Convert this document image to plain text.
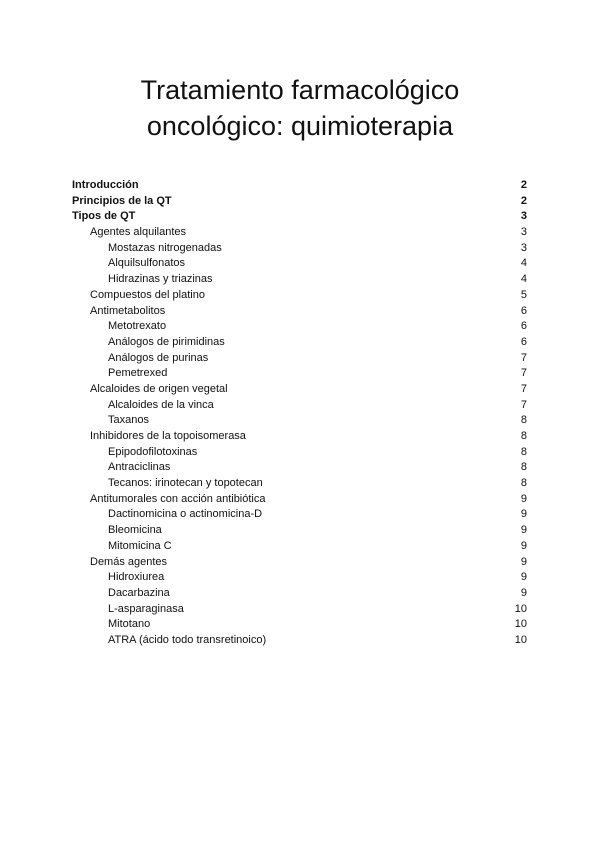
Tratamiento farmacológico
oncológico: quimioterapia
Introducción	2
Principios de la QT	2
Tipos de QT	3
Agentes alquilantes	3
Mostazas nitrogenadas	3
Alquilsulfonatos	4
Hidrazinas y triazinas	4
Compuestos del platino	5
Antimetabolitos	6
Metotrexato	6
Análogos de pirimidinas	6
Análogos de purinas	7
Pemetrexed	7
Alcaloides de origen vegetal	7
Alcaloides de la vinca	7
Taxanos	8
Inhibidores de la topoisomerasa	8
Epipodofilotoxinas	8
Antraciclinas	8
Tecanos: irinotecan y topotecan	8
Antitumorales con acción antibiótica	9
Dactinomicina o actinomicina-D	9
Bleomicina	9
Mitomicina C	9
Demás agentes	9
Hidroxiurea	9
Dacarbazina	9
L-asparaginasa	10
Mitotano	10
ATRA (ácido todo transretinoico)	10
